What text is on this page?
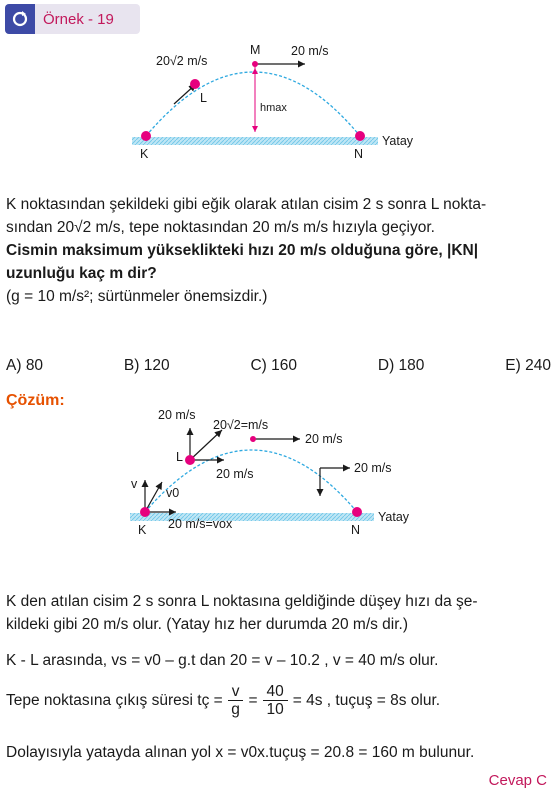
Örnek - 19
20√2 m/s
20 m/s
M
L
hmax
K	N
Yatay
K noktasından şekildeki gibi eğik olarak atılan cisim 2 s sonra L nokta-
sından 20√2 m/s, tepe noktasından 20 m/s m/s hızıyla geçiyor.
Cismin maksimum yükseklikteki hızı 20 m/s olduğuna göre, |KN|
uzunluğu kaç m dir?
(g = 10 m/s²; sürtünmeler önemsizdir.)
A) 80	B) 120	C) 160	D) 180	E) 240
Çözüm:
20 m/s
20√2=m/s
20 m/s
20 m/s	20 m/s
L
v
v0
20 m/s=vox
K	N
Yatay
K den atılan cisim 2 s sonra L noktasına geldiğinde düşey hızı da şe-
kildeki gibi 20 m/s olur. (Yatay hız her durumda 20 m/s dir.)
K - L arasında, vs = v0 – g.t dan 20 = v – 10.2 , v = 40 m/s olur.
Tepe noktasına çıkış süresi tç = $\frac{v}{g} = \frac{40}{10} = 4s$ , tuçuş = 8s olur.
Dolayısıyla yatayda alınan yol x = v0x.tuçuş = 20.8 = 160 m bulunur.
Cevap C
